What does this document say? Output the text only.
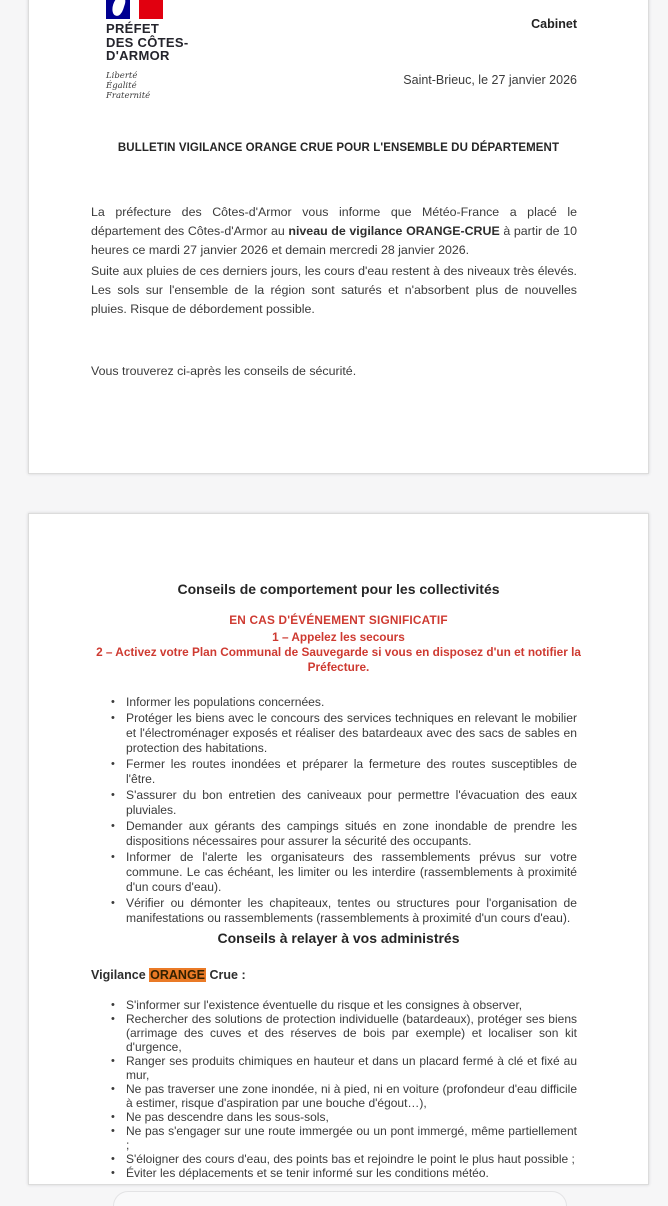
PRÉFET
DES CÔTES-
D'ARMOR
Liberté
Égalité
Fraternité
Cabinet
Saint-Brieuc, le 27 janvier 2026
BULLETIN VIGILANCE ORANGE CRUE POUR L'ENSEMBLE DU DÉPARTEMENT

La préfecture des Côtes-d'Armor vous informe que Météo-France a placé le département des Côtes-d'Armor au niveau de vigilance ORANGE-CRUE à partir de 10 heures ce mardi 27 janvier 2026 et demain mercredi 28 janvier 2026.

Suite aux pluies de ces derniers jours, les cours d'eau restent à des niveaux très élevés. Les sols sur l'ensemble de la région sont saturés et n'absorbent plus de nouvelles pluies. Risque de débordement possible.

Vous trouverez ci-après les conseils de sécurité.

Conseils de comportement pour les collectivités
EN CAS D'ÉVÉNEMENT SIGNIFICATIF
1 – Appelez les secours
2 – Activez votre Plan Communal de Sauvegarde si vous en disposez d'un et notifier la Préfecture.
• Informer les populations concernées.
• Protéger les biens avec le concours des services techniques en relevant le mobilier et l'électroménager exposés et réaliser des batardeaux avec des sacs de sables en protection des habitations.
• Fermer les routes inondées et préparer la fermeture des routes susceptibles de l'être.
• S'assurer du bon entretien des caniveaux pour permettre l'évacuation des eaux pluviales.
• Demander aux gérants des campings situés en zone inondable de prendre les dispositions nécessaires pour assurer la sécurité des occupants.
• Informer de l'alerte les organisateurs des rassemblements prévus sur votre commune. Le cas échéant, les limiter ou les interdire (rassemblements à proximité d'un cours d'eau).
• Vérifier ou démonter les chapiteaux, tentes ou structures pour l'organisation de manifestations ou rassemblements (rassemblements à proximité d'un cours d'eau).
Conseils à relayer à vos administrés
Vigilance ORANGE Crue :
• S'informer sur l'existence éventuelle du risque et les consignes à observer,
• Rechercher des solutions de protection individuelle (batardeaux), protéger ses biens (arrimage des cuves et des réserves de bois par exemple) et localiser son kit d'urgence,
• Ranger ses produits chimiques en hauteur et dans un placard fermé à clé et fixé au mur,
• Ne pas traverser une zone inondée, ni à pied, ni en voiture (profondeur d'eau difficile à estimer, risque d'aspiration par une bouche d'égout…),
• Ne pas descendre dans les sous-sols,
• Ne pas s'engager sur une route immergée ou un pont immergé, même partiellement ;
• S'éloigner des cours d'eau, des points bas et rejoindre le point le plus haut possible ;
• Éviter les déplacements et se tenir informé sur les conditions météo.
